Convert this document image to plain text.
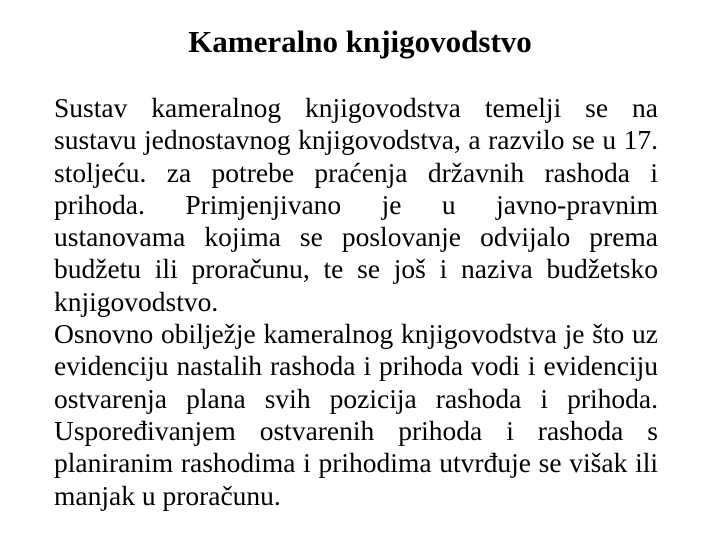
Kameralno knjigovodstvo

Sustav kameralnog knjigovodstva temelji se na sustavu jednostavnog knjigovodstva, a razvilo se u 17. stoljeću. za potrebe praćenja državnih rashoda i prihoda. Primjenjivano je u javno-pravnim ustanovama kojima se poslovanje odvijalo prema budžetu ili proračunu, te se još i naziva budžetsko knjigovodstvo.

Osnovno obilježje kameralnog knjigovodstva je što uz evidenciju nastalih rashoda i prihoda vodi i evidenciju ostvarenja plana svih pozicija rashoda i prihoda. Uspoređivanjem ostvarenih prihoda i rashoda s planiranim rashodima i prihodima utvrđuje se višak ili manjak u proračunu.
